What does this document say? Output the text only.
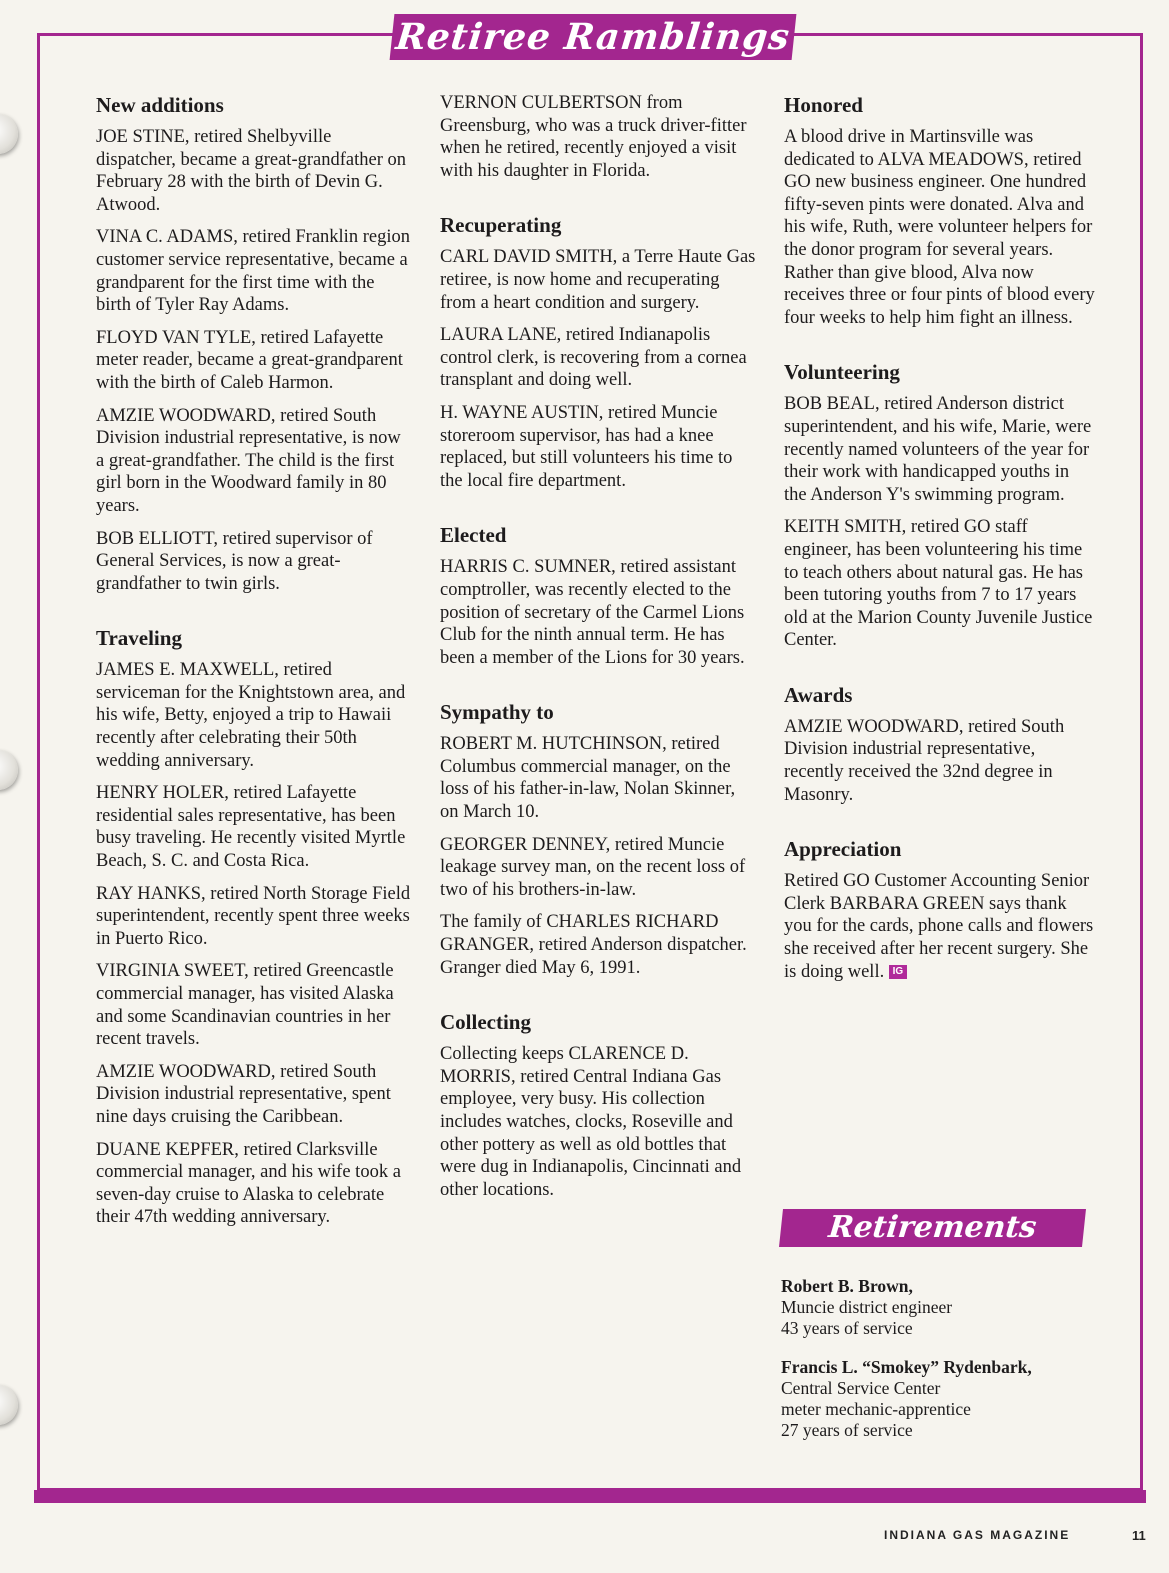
Retiree Ramblings
New additions

JOE STINE, retired Shelbyville dispatcher, became a great-grandfather on February 28 with the birth of Devin G. Atwood.

VINA C. ADAMS, retired Franklin region customer service representative, became a grandparent for the first time with the birth of Tyler Ray Adams.

FLOYD VAN TYLE, retired Lafayette meter reader, became a great-grandparent with the birth of Caleb Harmon.

AMZIE WOODWARD, retired South Division industrial representative, is now a great-grandfather. The child is the first girl born in the Woodward family in 80 years.

BOB ELLIOTT, retired supervisor of General Services, is now a great-grandfather to twin girls.

Traveling

JAMES E. MAXWELL, retired serviceman for the Knightstown area, and his wife, Betty, enjoyed a trip to Hawaii recently after celebrating their 50th wedding anniversary.

HENRY HOLER, retired Lafayette residential sales representative, has been busy traveling. He recently visited Myrtle Beach, S. C. and Costa Rica.

RAY HANKS, retired North Storage Field superintendent, recently spent three weeks in Puerto Rico.

VIRGINIA SWEET, retired Greencastle commercial manager, has visited Alaska and some Scandinavian countries in her recent travels.

AMZIE WOODWARD, retired South Division industrial representative, spent nine days cruising the Caribbean.

DUANE KEPFER, retired Clarksville commercial manager, and his wife took a seven-day cruise to Alaska to celebrate their 47th wedding anniversary.

VERNON CULBERTSON from Greensburg, who was a truck driver-fitter when he retired, recently enjoyed a visit with his daughter in Florida.

Recuperating

CARL DAVID SMITH, a Terre Haute Gas retiree, is now home and recuperating from a heart condition and surgery.

LAURA LANE, retired Indianapolis control clerk, is recovering from a cornea transplant and doing well.

H. WAYNE AUSTIN, retired Muncie storeroom supervisor, has had a knee replaced, but still volunteers his time to the local fire department.

Elected

HARRIS C. SUMNER, retired assistant comptroller, was recently elected to the position of secretary of the Carmel Lions Club for the ninth annual term. He has been a member of the Lions for 30 years.

Sympathy to

ROBERT M. HUTCHINSON, retired Columbus commercial manager, on the loss of his father-in-law, Nolan Skinner, on March 10.

GEORGER DENNEY, retired Muncie leakage survey man, on the recent loss of two of his brothers-in-law.

The family of CHARLES RICHARD GRANGER, retired Anderson dispatcher. Granger died May 6, 1991.

Collecting

Collecting keeps CLARENCE D. MORRIS, retired Central Indiana Gas employee, very busy. His collection includes watches, clocks, Roseville and other pottery as well as old bottles that were dug in Indianapolis, Cincinnati and other locations.

Honored

A blood drive in Martinsville was dedicated to ALVA MEADOWS, retired GO new business engineer. One hundred fifty-seven pints were donated. Alva and his wife, Ruth, were volunteer helpers for the donor program for several years. Rather than give blood, Alva now receives three or four pints of blood every four weeks to help him fight an illness.

Volunteering

BOB BEAL, retired Anderson district superintendent, and his wife, Marie, were recently named volunteers of the year for their work with handicapped youths in the Anderson Y's swimming program.

KEITH SMITH, retired GO staff engineer, has been volunteering his time to teach others about natural gas. He has been tutoring youths from 7 to 17 years old at the Marion County Juvenile Justice Center.

Awards

AMZIE WOODWARD, retired South Division industrial representative, recently received the 32nd degree in Masonry.

Appreciation

Retired GO Customer Accounting Senior Clerk BARBARA GREEN says thank you for the cards, phone calls and flowers she received after her recent surgery. She is doing well. IG

Retirements
Robert B. Brown,
Muncie district engineer
43 years of service
Francis L. “Smokey” Rydenbark,
Central Service Center
meter mechanic-apprentice
27 years of service
INDIANA GAS MAGAZINE	11
